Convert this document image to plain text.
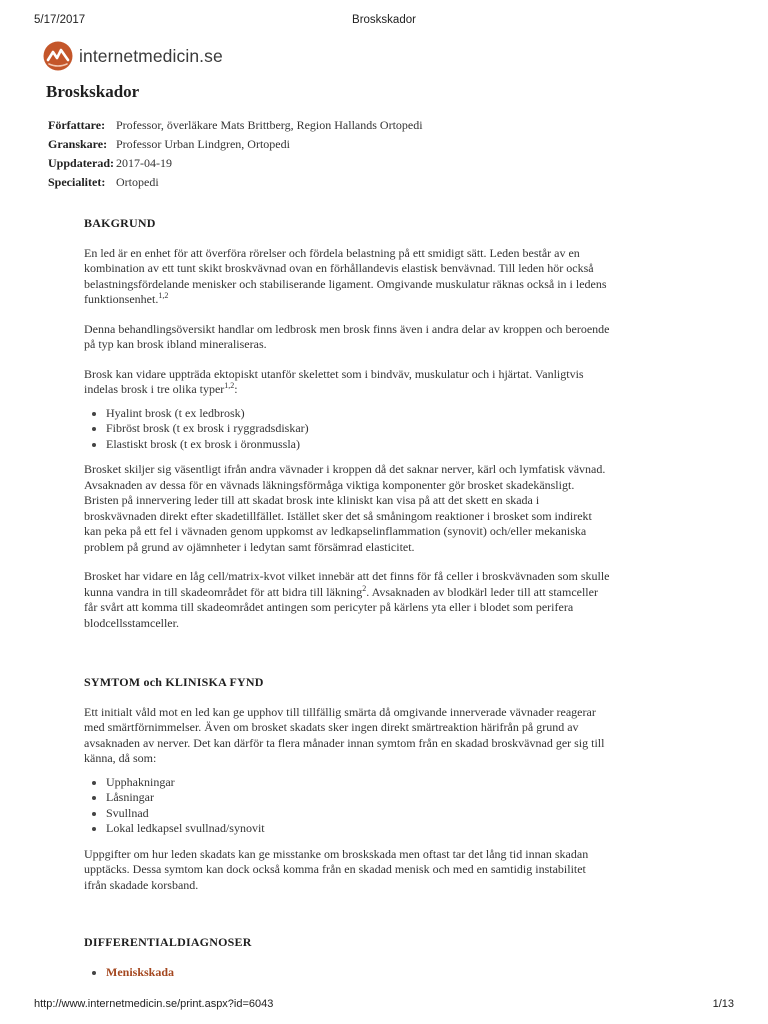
5/17/2017	Broskskador
internetmedicin.se
Broskskador
Författare:	Professor, överläkare Mats Brittberg, Region Hallands Ortopedi
Granskare:	Professor Urban Lindgren, Ortopedi
Uppdaterad:	2017-04-19
Specialitet:	Ortopedi
BAKGRUND

En led är en enhet för att överföra rörelser och fördela belastning på ett smidigt sätt. Leden består av en kombination av ett tunt skikt broskvävnad ovan en förhållandevis elastisk benvävnad. Till leden hör också belastningsfördelande menisker och stabiliserande ligament. Omgivande muskulatur räknas också in i ledens funktionsenhet.$^{1,2}$

Denna behandlingsöversikt handlar om ledbrosk men brosk finns även i andra delar av kroppen och beroende på typ kan brosk ibland mineraliseras.

Brosk kan vidare uppträda ektopiskt utanför skelettet som i bindväv, muskulatur och i hjärtat. Vanligtvis indelas brosk i tre olika typer$^{1,2}$:

Hyalint brosk (t ex ledbrosk)
Fibröst brosk (t ex brosk i ryggradsdiskar)
Elastiskt brosk (t ex brosk i öronmussla)

Brosket skiljer sig väsentligt ifrån andra vävnader i kroppen då det saknar nerver, kärl och lymfatisk vävnad. Avsaknaden av dessa för en vävnads läkningsförmåga viktiga komponenter gör brosket skadekänsligt. Bristen på innervering leder till att skadat brosk inte kliniskt kan visa på att det skett en skada i broskvävnaden direkt efter skadetillfället. Istället sker det så småningom reaktioner i brosket som indirekt kan peka på ett fel i vävnaden genom uppkomst av ledkapselinflammation (synovit) och/eller mekaniska problem på grund av ojämnheter i ledytan samt försämrad elasticitet.

Brosket har vidare en låg cell/matrix-kvot vilket innebär att det finns för få celler i broskvävnaden som skulle kunna vandra in till skadeområdet för att bidra till läkning$^2$. Avsaknaden av blodkärl leder till att stamceller får svårt att komma till skadeområdet antingen som pericyter på kärlens yta eller i blodet som perifera blodcellsstamceller.

SYMTOM och KLINISKA FYND

Ett initialt våld mot en led kan ge upphov till tillfällig smärta då omgivande innerverade vävnader reagerar med smärtförnimmelser. Även om brosket skadats sker ingen direkt smärtreaktion härifrån på grund av avsaknaden av nerver. Det kan därför ta flera månader innan symtom från en skadad broskvävnad ger sig till känna, då som:

Upphakningar
Låsningar
Svullnad
Lokal ledkapsel svullnad/synovit

Uppgifter om hur leden skadats kan ge misstanke om broskskada men oftast tar det lång tid innan skadan upptäcks. Dessa symtom kan dock också komma från en skadad menisk och med en samtidig instabilitet ifrån skadade korsband.

DIFFERENTIALDIAGNOSER
Meniskskada
http://www.internetmedicin.se/print.aspx?id=6043	1/13
